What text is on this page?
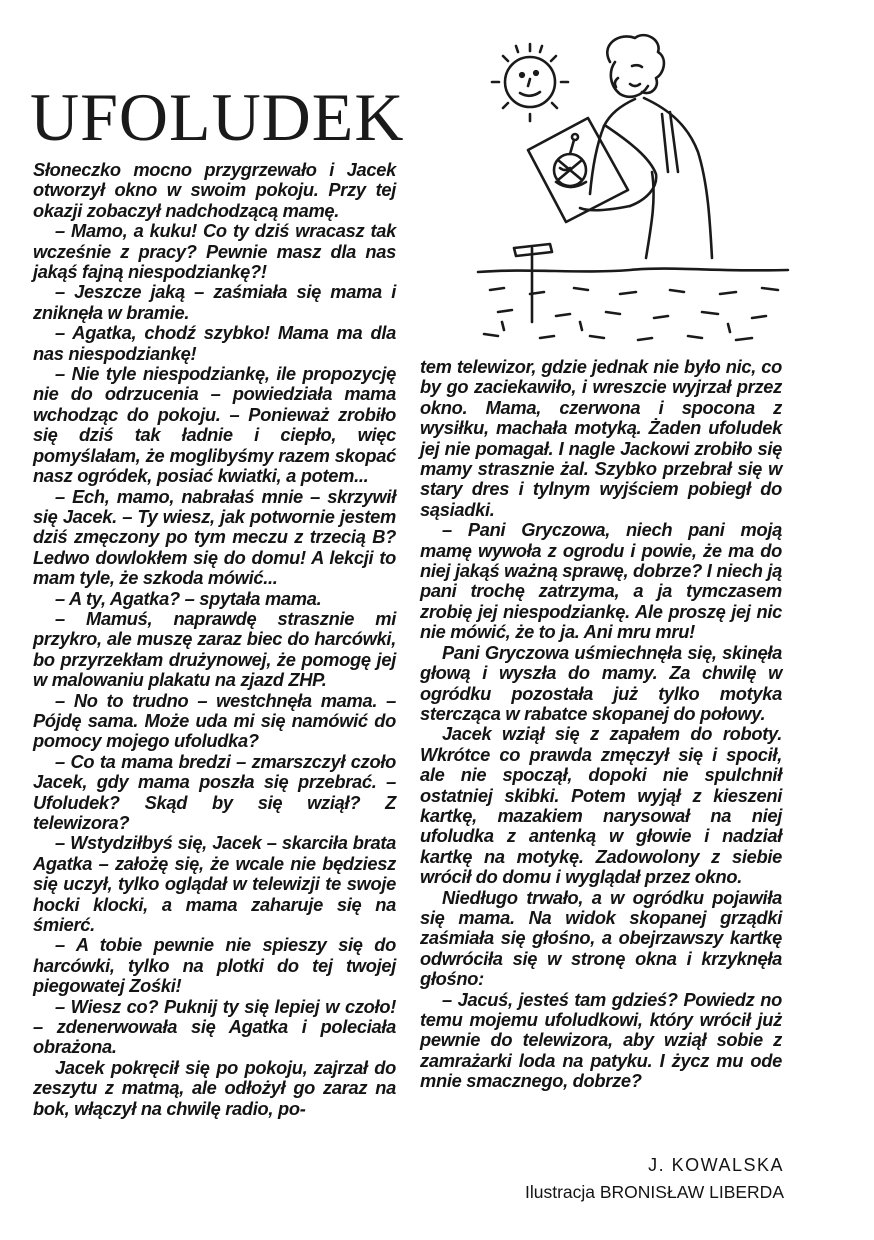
UFOLUDEK

Słoneczko mocno przygrzewało i Jacek otworzył okno w swoim pokoju. Przy tej okazji zobaczył nadchodzącą mamę.

– Mamo, a kuku! Co ty dziś wracasz tak wcześnie z pracy? Pewnie masz dla nas jakąś fajną niespodziankę?!

– Jeszcze jaką – zaśmiała się mama i zniknęła w bramie.

– Agatka, chodź szybko! Mama ma dla nas niespodziankę!

– Nie tyle niespodziankę, ile propozycję nie do odrzucenia – powiedziała mama wchodząc do pokoju. – Ponieważ zrobiło się dziś tak ładnie i ciepło, więc pomyślałam, że moglibyśmy razem skopać nasz ogródek, posiać kwiatki, a potem...

– Ech, mamo, nabrałaś mnie – skrzywił się Jacek. – Ty wiesz, jak potwornie jestem dziś zmęczony po tym meczu z trzecią B? Ledwo dowlokłem się do domu! A lekcji to mam tyle, że szkoda mówić...

– A ty, Agatka? – spytała mama.

– Mamuś, naprawdę strasznie mi przykro, ale muszę zaraz biec do harcówki, bo przyrzekłam drużynowej, że pomogę jej w malowaniu plakatu na zjazd ZHP.

– No to trudno – westchnęła mama. – Pójdę sama. Może uda mi się namówić do pomocy mojego ufoludka?

– Co ta mama bredzi – zmarszczył czoło Jacek, gdy mama poszła się przebrać. – Ufoludek? Skąd by się wziął? Z telewizora?

– Wstydziłbyś się, Jacek – skarciła brata Agatka – założę się, że wcale nie będziesz się uczył, tylko oglądał w telewizji te swoje hocki klocki, a mama zaharuje się na śmierć.

– A tobie pewnie nie spieszy się do harcówki, tylko na plotki do tej twojej piegowatej Zośki!

– Wiesz co? Puknij ty się lepiej w czoło! – zdenerwowała się Agatka i poleciała obrażona.

Jacek pokręcił się po pokoju, zajrzał do zeszytu z matmą, ale odłożył go zaraz na bok, włączył na chwilę radio, po-

tem telewizor, gdzie jednak nie było nic, co by go zaciekawiło, i wreszcie wyjrzał przez okno. Mama, czerwona i spocona z wysiłku, machała motyką. Żaden ufoludek jej nie pomagał. I nagle Jackowi zrobiło się mamy strasznie żal. Szybko przebrał się w stary dres i tylnym wyjściem pobiegł do sąsiadki.

– Pani Gryczowa, niech pani moją mamę wywoła z ogrodu i powie, że ma do niej jakąś ważną sprawę, dobrze? I niech ją pani trochę zatrzyma, a ja tymczasem zrobię jej niespodziankę. Ale proszę jej nic nie mówić, że to ja. Ani mru mru!

Pani Gryczowa uśmiechnęła się, skinęła głową i wyszła do mamy. Za chwilę w ogródku pozostała już tylko motyka stercząca w rabatce skopanej do połowy.

Jacek wziął się z zapałem do roboty. Wkrótce co prawda zmęczył się i spocił, ale nie spoczął, dopoki nie spulchnił ostatniej skibki. Potem wyjął z kieszeni kartkę, mazakiem narysował na niej ufoludka z antenką w głowie i nadział kartkę na motykę. Zadowolony z siebie wrócił do domu i wyglądał przez okno.

Niedługo trwało, a w ogródku pojawiła się mama. Na widok skopanej grządki zaśmiała się głośno, a obejrzawszy kartkę odwróciła się w stronę okna i krzyknęła głośno:

– Jacuś, jesteś tam gdzieś? Powiedz no temu mojemu ufoludkowi, który wrócił już pewnie do telewizora, aby wziął sobie z zamrażarki loda na patyku. I życz mu ode mnie smacznego, dobrze?

J. KOWALSKA

Ilustracja BRONISŁAW LIBERDA
